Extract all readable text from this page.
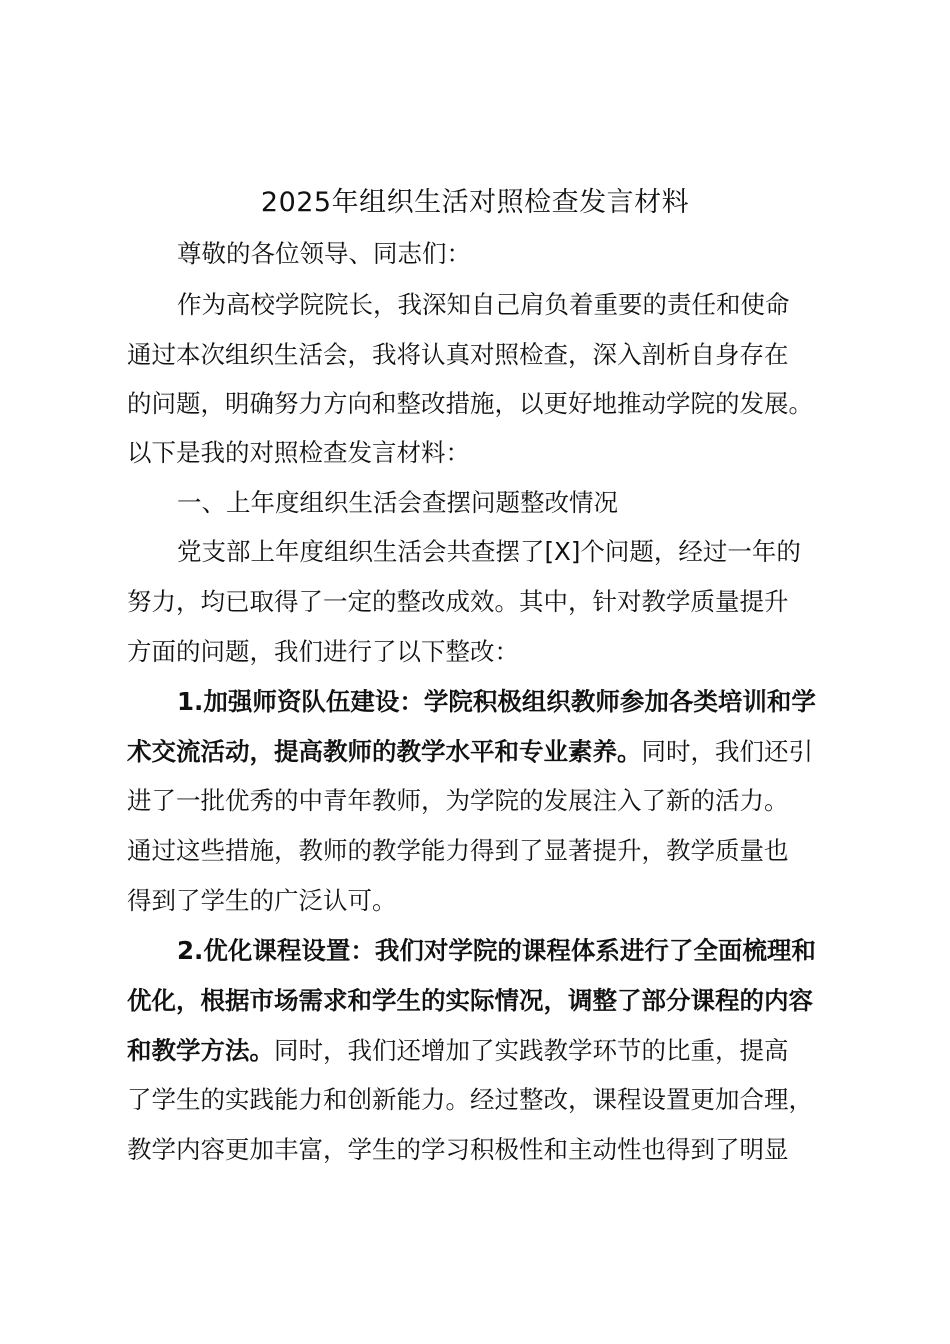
2025年组织生活对照检查发言材料
尊敬的各位领导、同志们：
作为高校学院院长，我深知自己肩负着重要的责任和使命
通过本次组织生活会，我将认真对照检查，深入剖析自身存在
的问题，明确努力方向和整改措施，以更好地推动学院的发展。
以下是我的对照检查发言材料：
一、上年度组织生活会查摆问题整改情况
党支部上年度组织生活会共查摆了[X]个问题，经过一年的
努力，均已取得了一定的整改成效。其中，针对教学质量提升
方面的问题，我们进行了以下整改：
1.加强师资队伍建设：学院积极组织教师参加各类培训和学
术交流活动，提高教师的教学水平和专业素养。同时，我们还引
进了一批优秀的中青年教师，为学院的发展注入了新的活力。
通过这些措施，教师的教学能力得到了显著提升，教学质量也
得到了学生的广泛认可。
2.优化课程设置：我们对学院的课程体系进行了全面梳理和
优化，根据市场需求和学生的实际情况，调整了部分课程的内容
和教学方法。同时，我们还增加了实践教学环节的比重，提高
了学生的实践能力和创新能力。经过整改，课程设置更加合理，
教学内容更加丰富，学生的学习积极性和主动性也得到了明显
